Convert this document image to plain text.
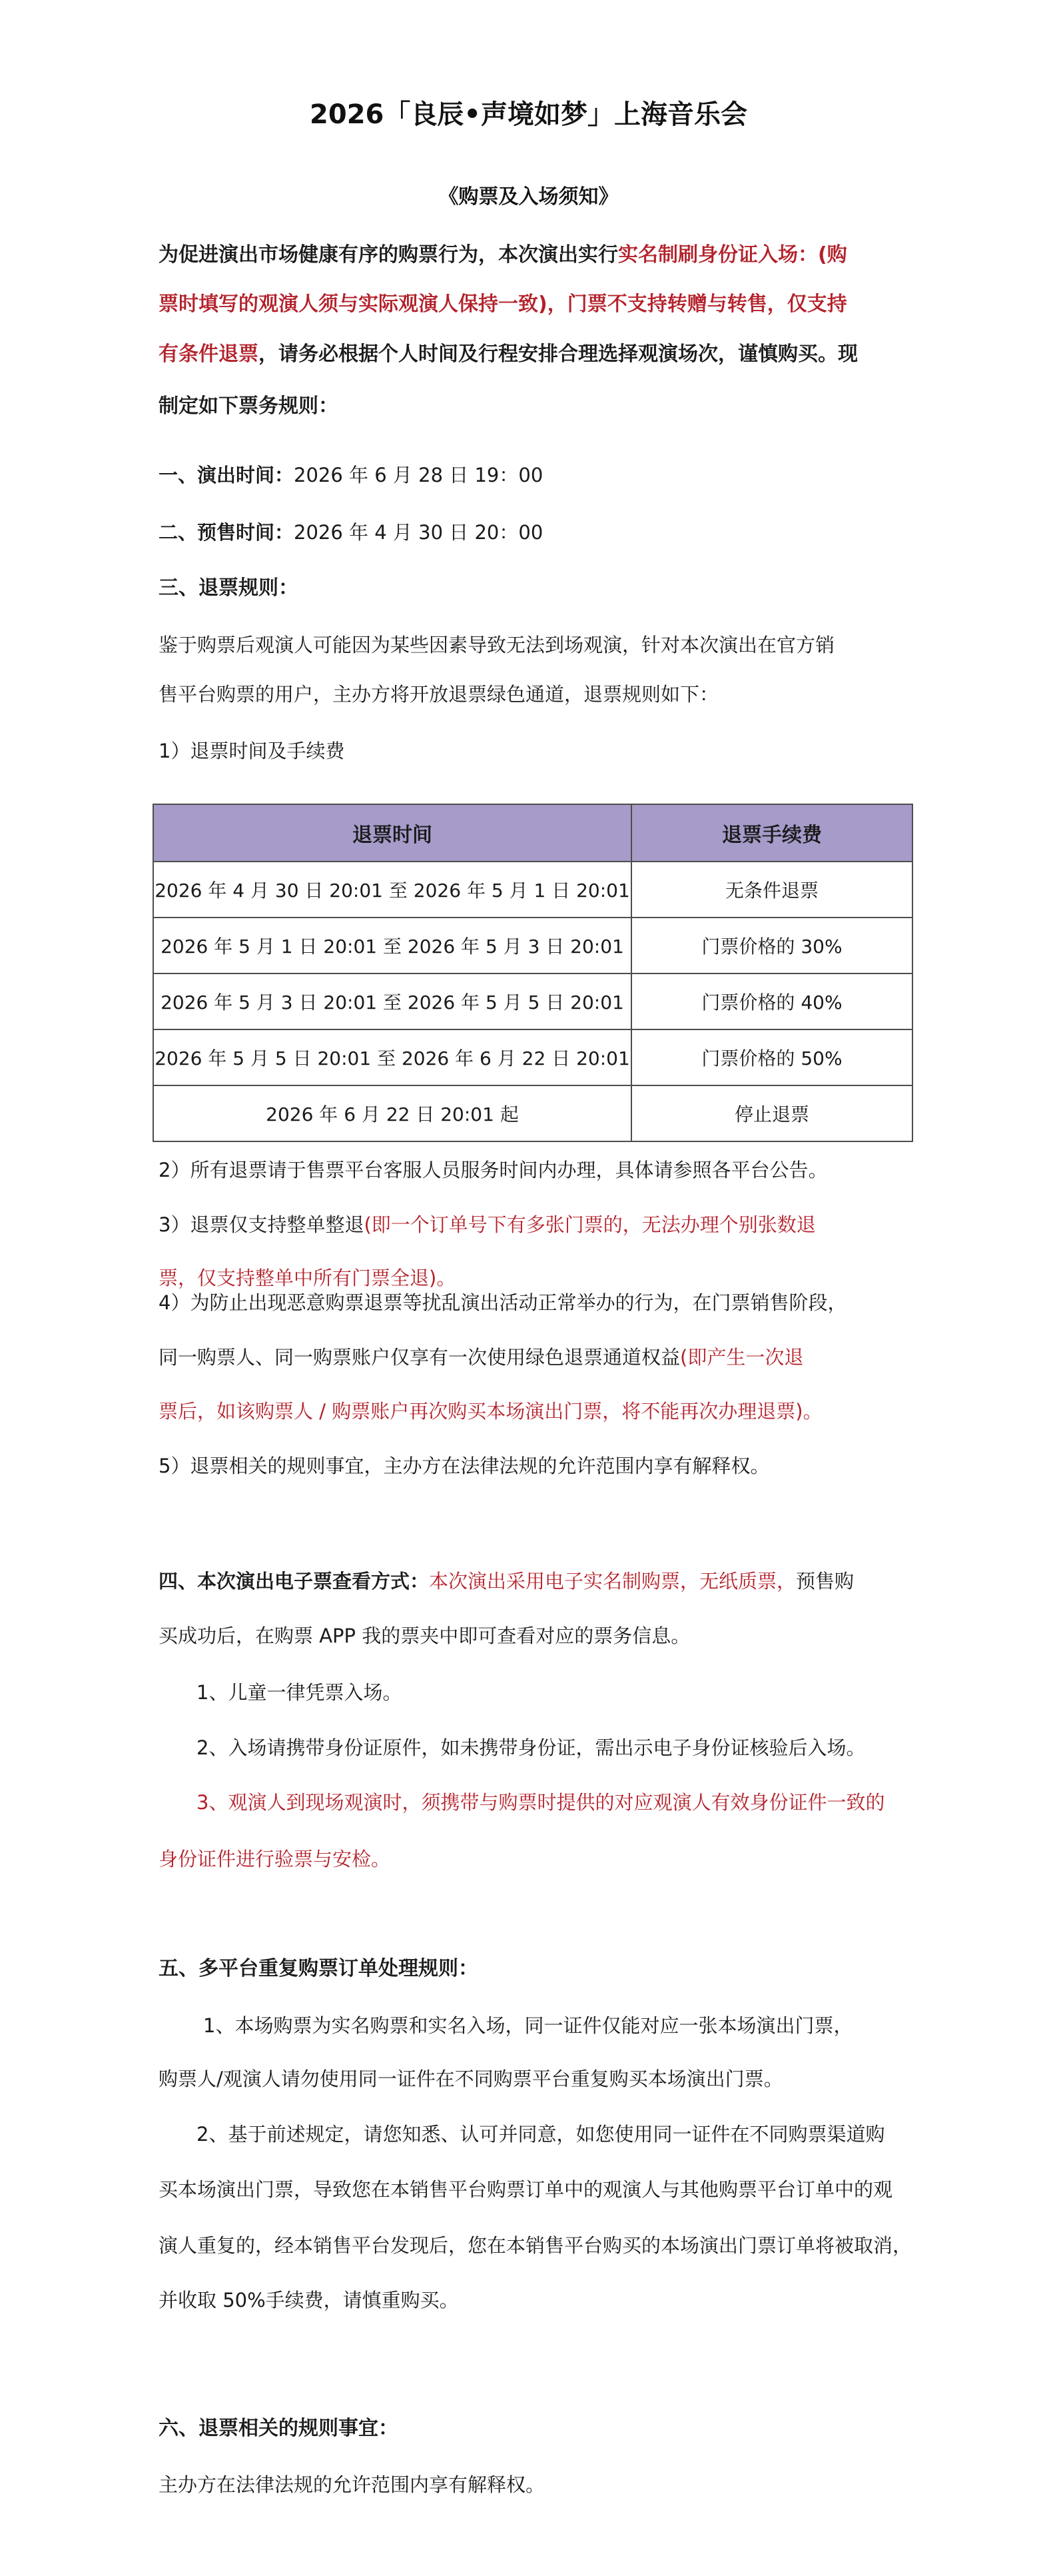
2026「良辰•声境如梦」上海音乐会
《购票及入场须知》
为促进演出市场健康有序的购票行为，本次演出实行实名制刷身份证入场：(购
票时填写的观演人须与实际观演人保持一致)，门票不支持转赠与转售，仅支持
有条件退票，请务必根据个人时间及行程安排合理选择观演场次，谨慎购买。现
制定如下票务规则：
一、演出时间：2026 年 6 月 28 日 19：00
二、预售时间：2026 年 4 月 30 日 20：00
三、退票规则：
鉴于购票后观演人可能因为某些因素导致无法到场观演，针对本次演出在官方销
售平台购票的用户，主办方将开放退票绿色通道，退票规则如下：
1）退票时间及手续费
退票时间	退票手续费
2026 年 4 月 30 日 20:01 至 2026 年 5 月 1 日 20:01	无条件退票
2026 年 5 月 1 日 20:01 至 2026 年 5 月 3 日 20:01	门票价格的 30%
2026 年 5 月 3 日 20:01 至 2026 年 5 月 5 日 20:01	门票价格的 40%
2026 年 5 月 5 日 20:01 至 2026 年 6 月 22 日 20:01	门票价格的 50%
2026 年 6 月 22 日 20:01 起	停止退票
2）所有退票请于售票平台客服人员服务时间内办理，具体请参照各平台公告。
3）退票仅支持整单整退(即一个订单号下有多张门票的，无法办理个别张数退
票，仅支持整单中所有门票全退)。
4）为防止出现恶意购票退票等扰乱演出活动正常举办的行为，在门票销售阶段，
同一购票人、同一购票账户仅享有一次使用绿色退票通道权益(即产生一次退
票后，如该购票人 / 购票账户再次购买本场演出门票，将不能再次办理退票)。
5）退票相关的规则事宜，主办方在法律法规的允许范围内享有解释权。
四、本次演出电子票查看方式：本次演出采用电子实名制购票，无纸质票，预售购
买成功后，在购票 APP 我的票夹中即可查看对应的票务信息。
1、儿童一律凭票入场。
2、入场请携带身份证原件，如未携带身份证，需出示电子身份证核验后入场。
3、观演人到现场观演时，须携带与购票时提供的对应观演人有效身份证件一致的
身份证件进行验票与安检。
五、多平台重复购票订单处理规则：
1、本场购票为实名购票和实名入场，同一证件仅能对应一张本场演出门票，
购票人/观演人请勿使用同一证件在不同购票平台重复购买本场演出门票。
2、基于前述规定，请您知悉、认可并同意，如您使用同一证件在不同购票渠道购
买本场演出门票，导致您在本销售平台购票订单中的观演人与其他购票平台订单中的观
演人重复的，经本销售平台发现后，您在本销售平台购买的本场演出门票订单将被取消，
并收取 50%手续费，请慎重购买。
六、退票相关的规则事宜：
主办方在法律法规的允许范围内享有解释权。
